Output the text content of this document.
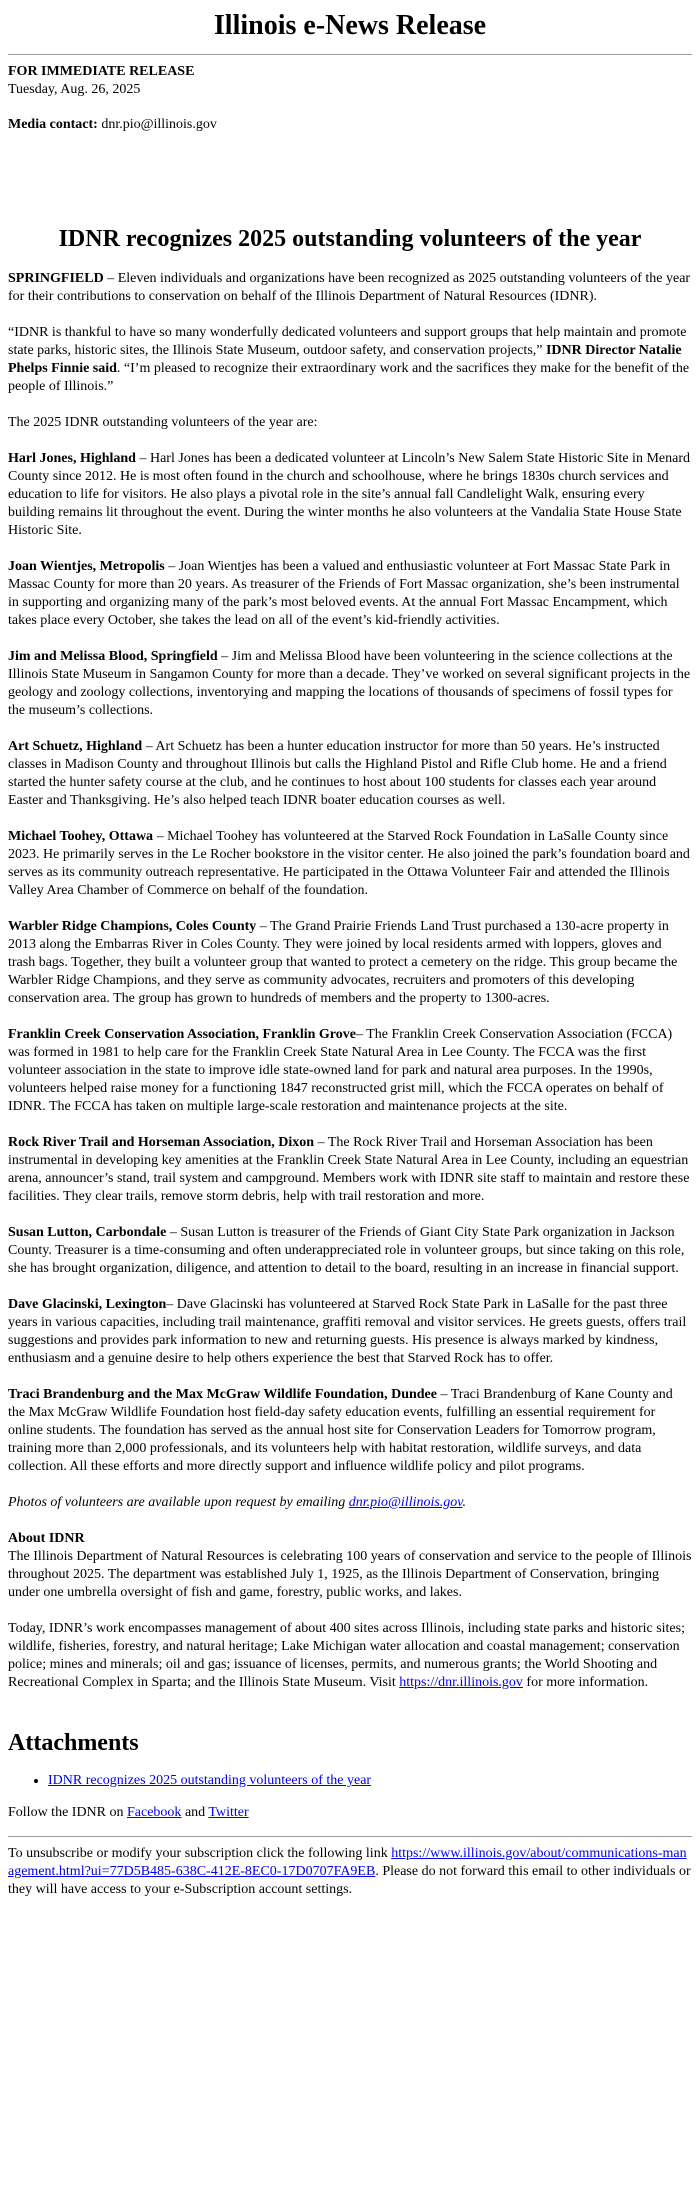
Illinois e-News Release
FOR IMMEDIATE RELEASE
Tuesday, Aug. 26, 2025
Media contact: dnr.pio@illinois.gov
IDNR recognizes 2025 outstanding volunteers of the year

SPRINGFIELD – Eleven individuals and organizations have been recognized as 2025 outstanding volunteers of the year for their contributions to conservation on behalf of the Illinois Department of Natural Resources (IDNR).

“IDNR is thankful to have so many wonderfully dedicated volunteers and support groups that help maintain and promote state parks, historic sites, the Illinois State Museum, outdoor safety, and conservation projects,” IDNR Director Natalie Phelps Finnie said. “I’m pleased to recognize their extraordinary work and the sacrifices they make for the benefit of the people of Illinois.”

The 2025 IDNR outstanding volunteers of the year are:

Harl Jones, Highland – Harl Jones has been a dedicated volunteer at Lincoln’s New Salem State Historic Site in Menard County since 2012. He is most often found in the church and schoolhouse, where he brings 1830s church services and education to life for visitors. He also plays a pivotal role in the site’s annual fall Candlelight Walk, ensuring every building remains lit throughout the event. During the winter months he also volunteers at the Vandalia State House State Historic Site.

Joan Wientjes, Metropolis – Joan Wientjes has been a valued and enthusiastic volunteer at Fort Massac State Park in Massac County for more than 20 years. As treasurer of the Friends of Fort Massac organization, she’s been instrumental in supporting and organizing many of the park’s most beloved events. At the annual Fort Massac Encampment, which takes place every October, she takes the lead on all of the event’s kid-friendly activities.

Jim and Melissa Blood, Springfield – Jim and Melissa Blood have been volunteering in the science collections at the Illinois State Museum in Sangamon County for more than a decade. They’ve worked on several significant projects in the geology and zoology collections, inventorying and mapping the locations of thousands of specimens of fossil types for the museum’s collections.

Art Schuetz, Highland – Art Schuetz has been a hunter education instructor for more than 50 years. He’s instructed classes in Madison County and throughout Illinois but calls the Highland Pistol and Rifle Club home. He and a friend started the hunter safety course at the club, and he continues to host about 100 students for classes each year around Easter and Thanksgiving. He’s also helped teach IDNR boater education courses as well.

Michael Toohey, Ottawa – Michael Toohey has volunteered at the Starved Rock Foundation in LaSalle County since 2023. He primarily serves in the Le Rocher bookstore in the visitor center. He also joined the park’s foundation board and serves as its community outreach representative. He participated in the Ottawa Volunteer Fair and attended the Illinois Valley Area Chamber of Commerce on behalf of the foundation.

Warbler Ridge Champions, Coles County – The Grand Prairie Friends Land Trust purchased a 130-acre property in 2013 along the Embarras River in Coles County. They were joined by local residents armed with loppers, gloves and trash bags. Together, they built a volunteer group that wanted to protect a cemetery on the ridge. This group became the Warbler Ridge Champions, and they serve as community advocates, recruiters and promoters of this developing conservation area. The group has grown to hundreds of members and the property to 1300-acres.

Franklin Creek Conservation Association, Franklin Grove– The Franklin Creek Conservation Association (FCCA) was formed in 1981 to help care for the Franklin Creek State Natural Area in Lee County. The FCCA was the first volunteer association in the state to improve idle state-owned land for park and natural area purposes. In the 1990s, volunteers helped raise money for a functioning 1847 reconstructed grist mill, which the FCCA operates on behalf of IDNR. The FCCA has taken on multiple large-scale restoration and maintenance projects at the site.

Rock River Trail and Horseman Association, Dixon – The Rock River Trail and Horseman Association has been instrumental in developing key amenities at the Franklin Creek State Natural Area in Lee County, including an equestrian arena, announcer’s stand, trail system and campground. Members work with IDNR site staff to maintain and restore these facilities. They clear trails, remove storm debris, help with trail restoration and more.

Susan Lutton, Carbondale – Susan Lutton is treasurer of the Friends of Giant City State Park organization in Jackson County. Treasurer is a time-consuming and often underappreciated role in volunteer groups, but since taking on this role, she has brought organization, diligence, and attention to detail to the board, resulting in an increase in financial support.

Dave Glacinski, Lexington– Dave Glacinski has volunteered at Starved Rock State Park in LaSalle for the past three years in various capacities, including trail maintenance, graffiti removal and visitor services. He greets guests, offers trail suggestions and provides park information to new and returning guests. His presence is always marked by kindness, enthusiasm and a genuine desire to help others experience the best that Starved Rock has to offer.

Traci Brandenburg and the Max McGraw Wildlife Foundation, Dundee – Traci Brandenburg of Kane County and the Max McGraw Wildlife Foundation host field-day safety education events, fulfilling an essential requirement for online students. The foundation has served as the annual host site for Conservation Leaders for Tomorrow program, training more than 2,000 professionals, and its volunteers help with habitat restoration, wildlife surveys, and data collection. All these efforts and more directly support and influence wildlife policy and pilot programs.

Photos of volunteers are available upon request by emailing dnr.pio@illinois.gov.

About IDNR

The Illinois Department of Natural Resources is celebrating 100 years of conservation and service to the people of Illinois throughout 2025. The department was established July 1, 1925, as the Illinois Department of Conservation, bringing under one umbrella oversight of fish and game, forestry, public works, and lakes.

Today, IDNR’s work encompasses management of about 400 sites across Illinois, including state parks and historic sites; wildlife, fisheries, forestry, and natural heritage; Lake Michigan water allocation and coastal management; conservation police; mines and minerals; oil and gas; issuance of licenses, permits, and numerous grants; the World Shooting and Recreational Complex in Sparta; and the Illinois State Museum. Visit https://dnr.illinois.gov for more information.

Attachments
• IDNR recognizes 2025 outstanding volunteers of the year
Follow the IDNR on Facebook and Twitter

To unsubscribe or modify your subscription click the following link https://www.illinois.gov/about/communications-management.html?ui=77D5B485-638C-412E-8EC0-17D0707FA9EB. Please do not forward this email to other individuals or they will have access to your e-Subscription account settings.
